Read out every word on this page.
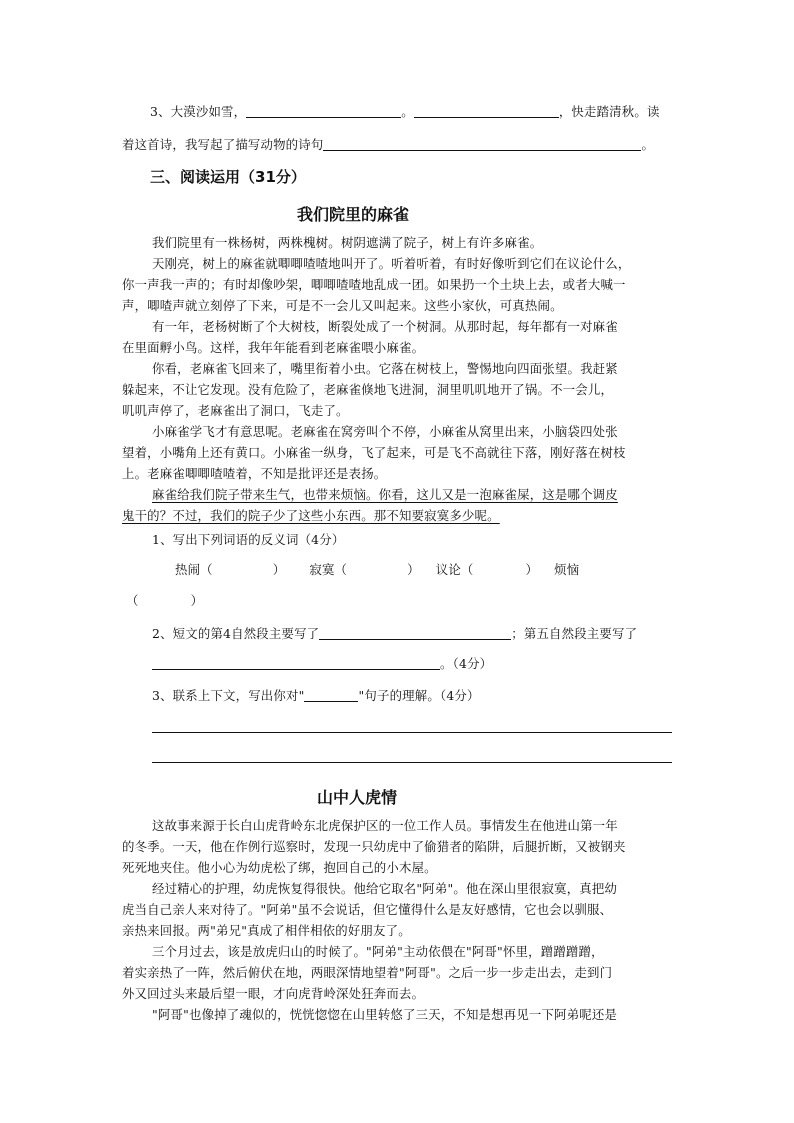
3、大漠沙如雪，	。	，快走踏清秋。读
着这首诗，我写起了描写动物的诗句	。
三、阅读运用（31分）
我们院里的麻雀
我们院里有一株杨树，两株槐树。树阴遮满了院子，树上有许多麻雀。
天刚亮，树上的麻雀就唧唧喳喳地叫开了。听着听着，有时好像听到它们在议论什么，
你一声我一声的；有时却像吵架，唧唧喳喳地乱成一团。如果扔一个土块上去，或者大喊一
声，唧喳声就立刻停了下来，可是不一会儿又叫起来。这些小家伙，可真热闹。
有一年，老杨树断了个大树枝，断裂处成了一个树洞。从那时起，每年都有一对麻雀
在里面孵小鸟。这样，我年年能看到老麻雀喂小麻雀。
你看，老麻雀飞回来了，嘴里衔着小虫。它落在树枝上，警惕地向四面张望。我赶紧
躲起来，不让它发现。没有危险了，老麻雀倏地飞进洞，洞里叽叽地开了锅。不一会儿，
叽叽声停了，老麻雀出了洞口，飞走了。
小麻雀学飞才有意思呢。老麻雀在窝旁叫个不停，小麻雀从窝里出来，小脑袋四处张
望着，小嘴角上还有黄口。小麻雀一纵身，飞了起来，可是飞不高就往下落，刚好落在树枝
上。老麻雀唧唧喳喳着，不知是批评还是表扬。
麻雀给我们院子带来生气，也带来烦恼。你看，这儿又是一泡麻雀屎，这是哪个调皮
鬼干的？不过，我们的院子少了这些小东西。那不知要寂寞多少呢。
1、写出下列词语的反义词（4分）
热闹（	） 寂寞（	） 议论（	） 烦恼
（	）
2、短文的第4自然段主要写了	；第五自然段主要写了
。（4分）
3、联系上下文，写出你对"	"句子的理解。（4分）
山中人虎情
这故事来源于长白山虎背岭东北虎保护区的一位工作人员。事情发生在他进山第一年
的冬季。一天，他在作例行巡察时，发现一只幼虎中了偷猎者的陷阱，后腿折断，又被钢夹
死死地夹住。他小心为幼虎松了绑，抱回自己的小木屋。
经过精心的护理，幼虎恢复得很快。他给它取名"阿弟"。他在深山里很寂寞，真把幼
虎当自己亲人来对待了。"阿弟"虽不会说话，但它懂得什么是友好感情，它也会以驯服、
亲热来回报。两"弟兄"真成了相伴相依的好朋友了。
三个月过去，该是放虎归山的时候了。"阿弟"主动依偎在"阿哥"怀里，蹭蹭蹭蹭，
着实亲热了一阵，然后俯伏在地，两眼深情地望着"阿哥"。之后一步一步走出去，走到门
外又回过头来最后望一眼，才向虎背岭深处狂奔而去。
"阿哥"也像掉了魂似的，恍恍惚惚在山里转悠了三天，不知是想再见一下阿弟呢还是
